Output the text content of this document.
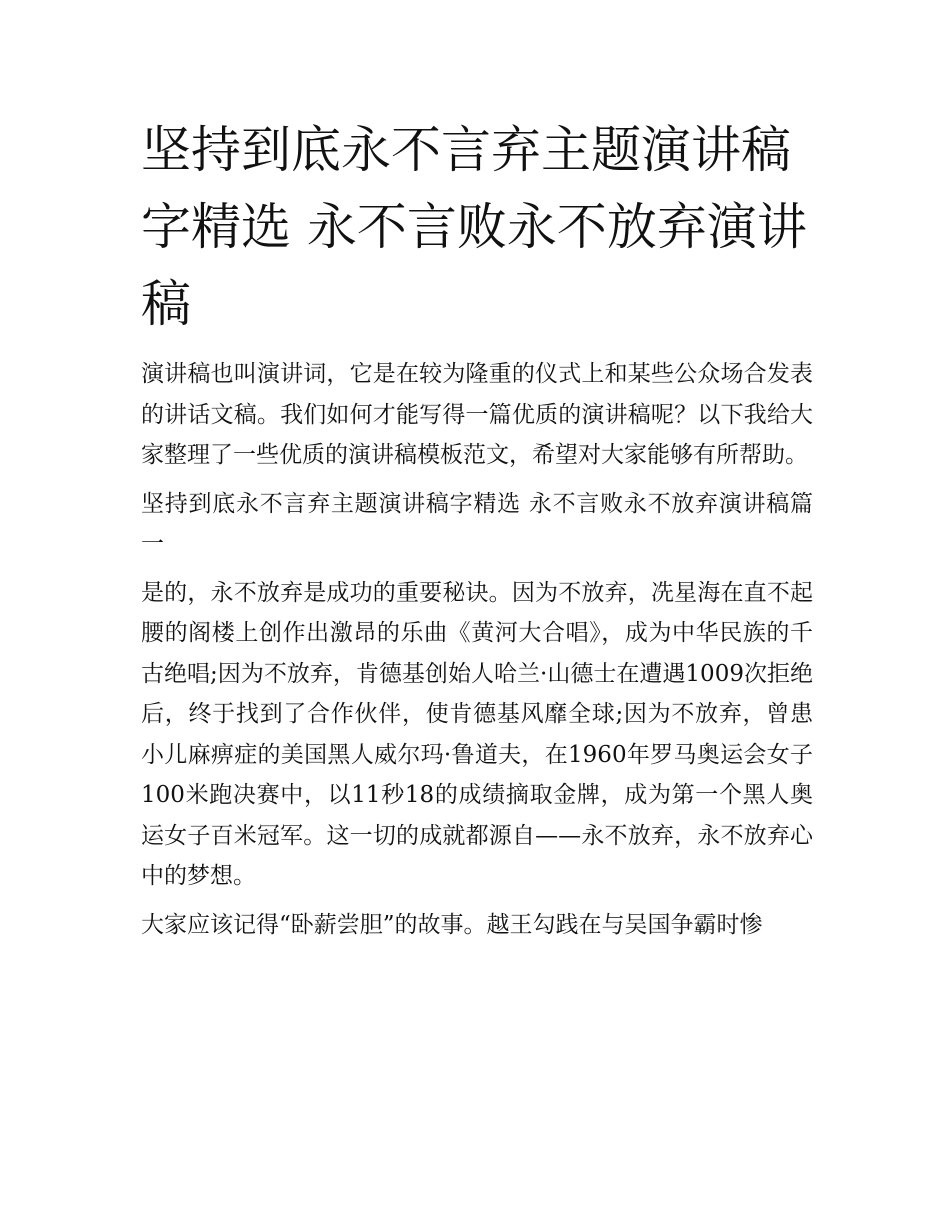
坚持到底永不言弃主题演讲稿字精选 永不言败永不放弃演讲稿

演讲稿也叫演讲词，它是在较为隆重的仪式上和某些公众场合发表的讲话文稿。我们如何才能写得一篇优质的演讲稿呢？以下我给大家整理了一些优质的演讲稿模板范文，希望对大家能够有所帮助。

坚持到底永不言弃主题演讲稿字精选 永不言败永不放弃演讲稿篇一

是的，永不放弃是成功的重要秘诀。因为不放弃，冼星海在直不起腰的阁楼上创作出激昂的乐曲《黄河大合唱》，成为中华民族的千古绝唱;因为不放弃，肯德基创始人哈兰·山德士在遭遇1009次拒绝后，终于找到了合作伙伴，使肯德基风靡全球;因为不放弃，曾患小儿麻痹症的美国黑人威尔玛·鲁道夫，在1960年罗马奥运会女子100米跑决赛中，以11秒18的成绩摘取金牌，成为第一个黑人奥运女子百米冠军。这一切的成就都源自——永不放弃，永不放弃心中的梦想。

大家应该记得“卧薪尝胆”的故事。越王勾践在与吴国争霸时惨
